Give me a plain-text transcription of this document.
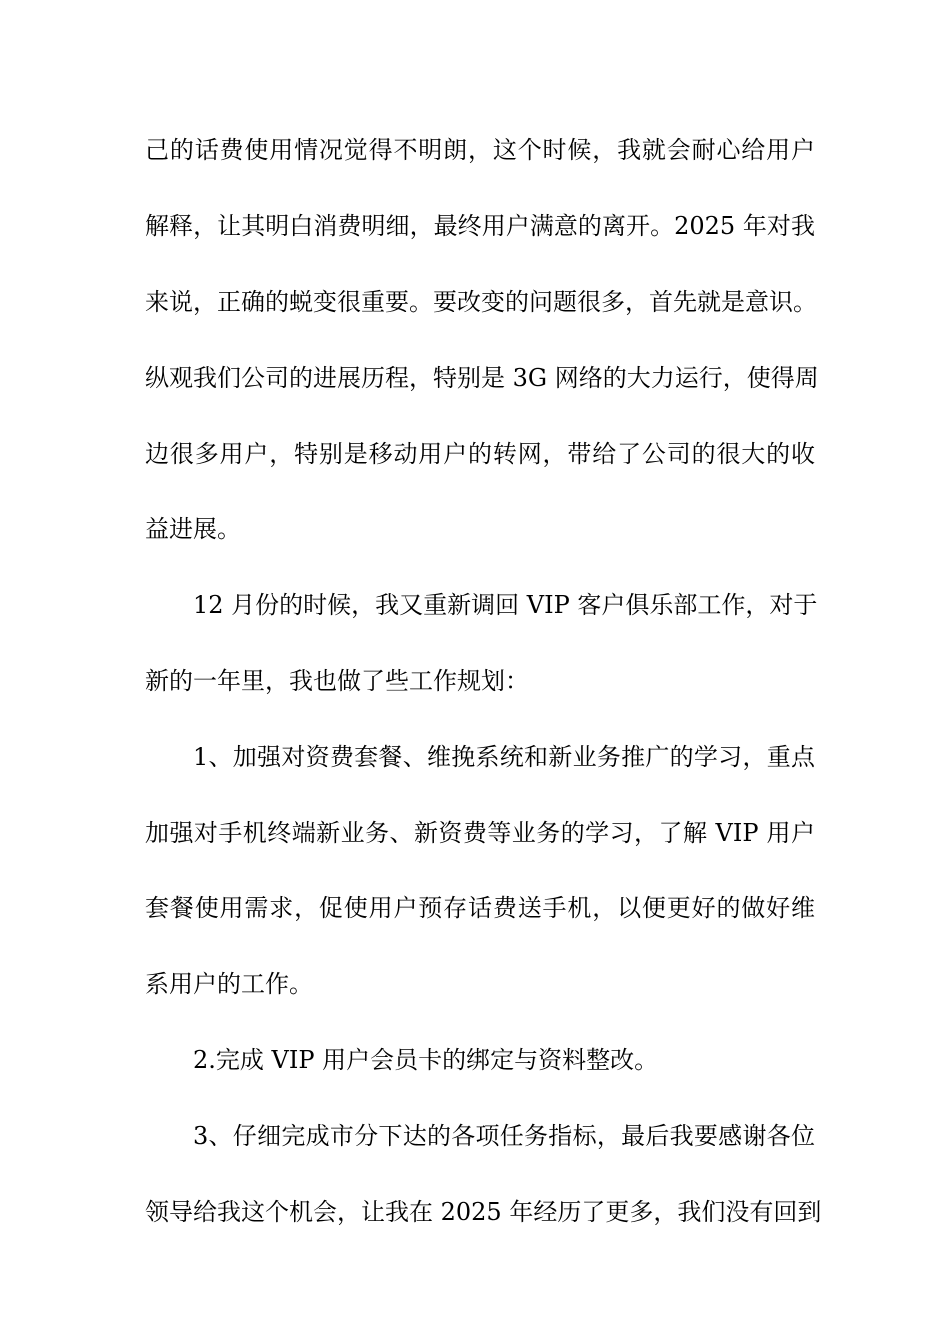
己的话费使用情况觉得不明朗，这个时候，我就会耐心给用户
解释，让其明白消费明细，最终用户满意的离开。2025 年对我
来说，正确的蜕变很重要。要改变的问题很多，首先就是意识。
纵观我们公司的进展历程，特别是 3G 网络的大力运行，使得周
边很多用户，特别是移动用户的转网，带给了公司的很大的收
益进展。
12 月份的时候，我又重新调回 VIP 客户俱乐部工作，对于
新的一年里，我也做了些工作规划：
1、加强对资费套餐、维挽系统和新业务推广的学习，重点
加强对手机终端新业务、新资费等业务的学习，了解 VIP 用户
套餐使用需求，促使用户预存话费送手机，以便更好的做好维
系用户的工作。
2.完成 VIP 用户会员卡的绑定与资料整改。
3、仔细完成市分下达的各项任务指标，最后我要感谢各位
领导给我这个机会，让我在 2025 年经历了更多，我们没有回到
